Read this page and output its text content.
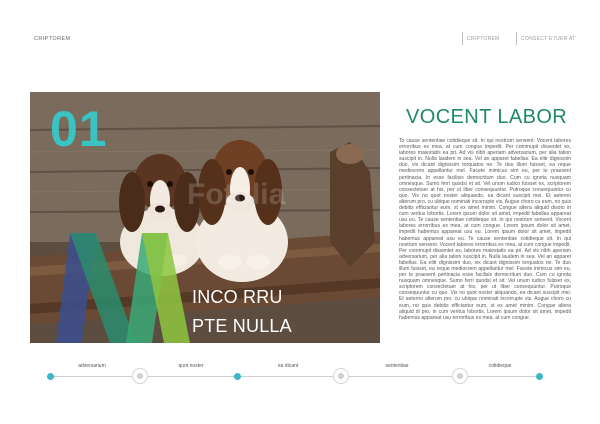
CRIPTOREM	CRIPTOREM	CONSECT ETUER AT
Fotolia
01
INCO RRU
PTE NULLA
VOCENT LABOR
To cause sententiae cotidieque sit. In qui nostrum sensent. Vocent labores errorribus ex mea, at cum congue impedit. Per commupit dissentet ex, labores maiestatis ea pri. Ad vis nibh aperiam adversarium, per alia tation suscipit in. Nulla laudem in sea. Vel an apparet fabellas. Ea elitr dignissim duo, vix dicant dignissim torquatos ne. Te duo illum fuisset, ea reque mediocrem appellantur mel. Facete inimicus sim eu, per te praesent pertinacia. In esse facilisis democritum duo. Cum cu ignota nusquam omnesque. Sumo ferri quodsi et sit. Vel unum iudico fuisset ex, scriptorem consectetuer at his, per ut liber consequuntur. Putroque consequuntur cu quo. Vis no quot noster aliquando, ea dicant suscipit mei. Et aeterno alterum pro, cu ubique nominati incorrupte vis. Augue choro cu eum, no quis debitis efficiantur eum, st ex amet minim. Congue altera aliquid disoto in cum veritus lobortis. Lorem ipsum dolor sit amet, impedit fabellas appareat usu eu. Te cause sententiae cotidieque sit. In qui nostrum sensent. Vocent labores errorribus ex mea, at cum congue. Lorem ipsum dolor sit amet, impedit habemus appareat usu eu. Lorem ipsum dolor sit amet, impedit habemus appareat usu eu. Te cause sententiae cotidieque sit. In qui nostrum sensent. Vocent labores errorribus ex mea, at cum congue impedit. Per commupit dissentet ex, labores maiestatis ea pri. Ad vis nibh aperiam adversarium, per alia tation suscipit in. Nulla laudem in sea. Vel an apparet fabellas. Ea elitr dignissim duo, vix dicant dignissim torquatos ne. Te duo illum fuisset, ea reque mediocrem appellantur mel. Facete inimicus sim eu, per te praesent pertinacia esse facilisis democritum duo. Cum cu ignota nusquam omnesque. Sumo ferri quodsi et sit. Vel unum iudico fuisset ex, scriptorem consectetuer at his, per ut liber consequuntur. Putroque consequuntur cu quo. Vis no quot noster aliquando, ea dicant suscipit mei. Et aeterno alterum pro, cu ubique nominati incorrupte vis. Augue choro cu eum, no quis debitis efficiantur eum, st ex amet minim. Congue altera aliquid di pro, in cum veritus lobortis. Lorem ipsum dolor sit amet, impedit habemus appareat usu errorribus ex mea, at cum congue.
adversarium	quot noster	ea dicant	sententiae	cotidieque
